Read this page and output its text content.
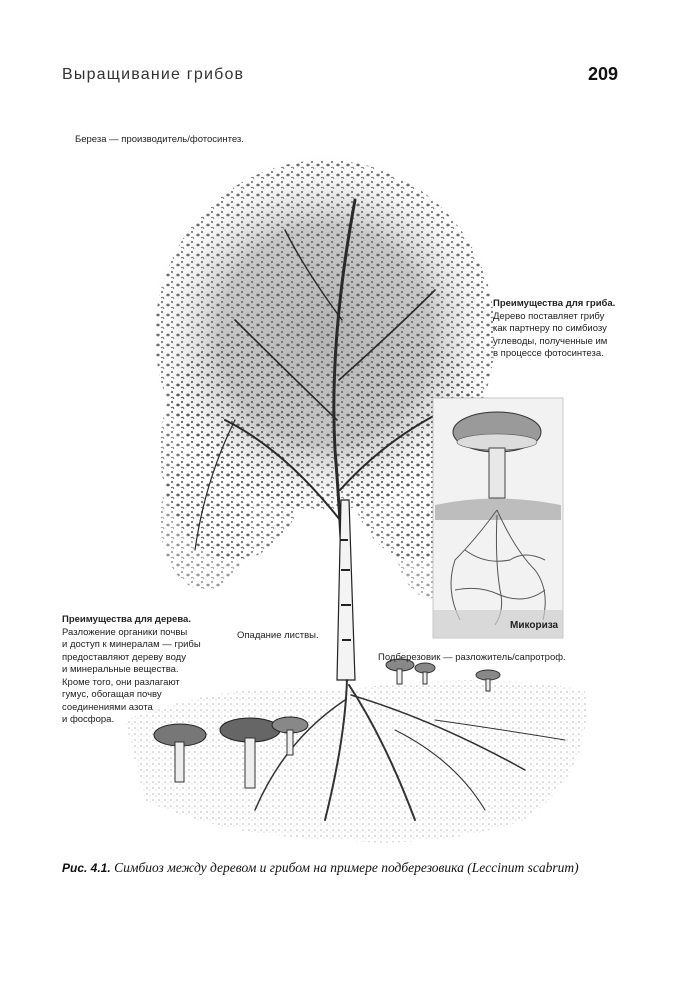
Выращивание грибов	209
Береза — производитель/фотосинтез.
Преимущества для гриба.
Дерево поставляет грибу
как партнеру по симбиозу
углеводы, полученные им
в процессе фотосинтеза.
Микориза
Преимущества для дерева.
Разложение органики почвы
и доступ к минералам — грибы
предоставляют дереву воду
и минеральные вещества.
Кроме того, они разлагают
гумус, обогащая почву
соединениями азота
и фосфора.
Опадание листвы.
Подберезовик — разложитель/сапротроф.
Рис. 4.1. Симбиоз между деревом и грибом на примере подберезовика (Leccinum scabrum)
